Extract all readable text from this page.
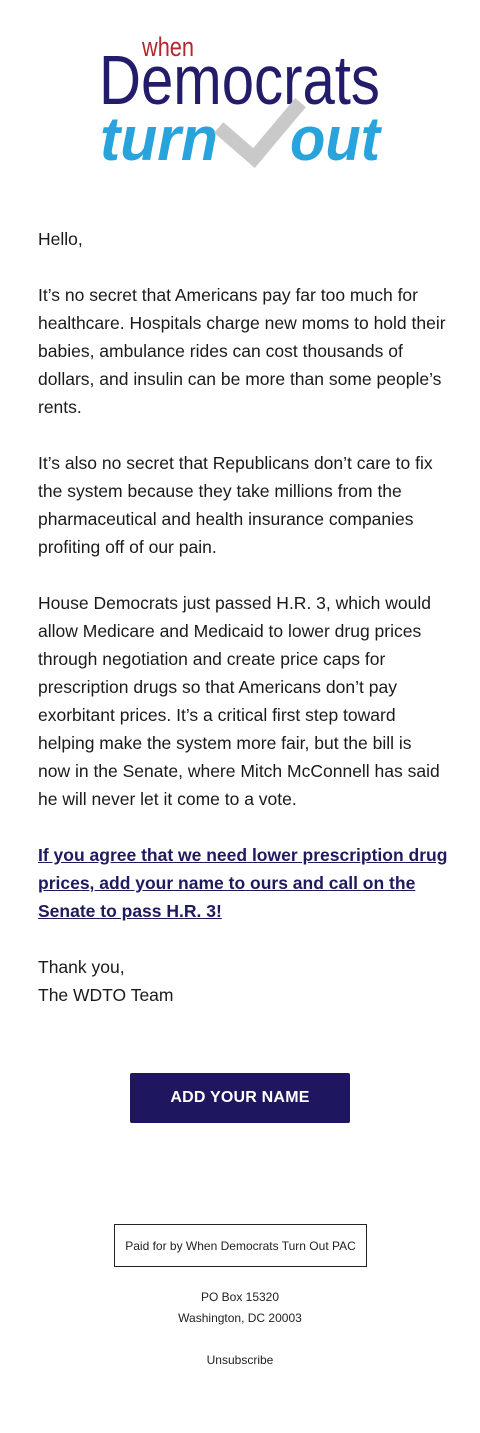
when
Democrats
turn out

Hello,

It’s no secret that Americans pay far too much for healthcare. Hospitals charge new moms to hold their babies, ambulance rides can cost thousands of dollars, and insulin can be more than some people’s rents.

It’s also no secret that Republicans don’t care to fix the system because they take millions from the pharmaceutical and health insurance companies profiting off of our pain.

House Democrats just passed H.R. 3, which would allow Medicare and Medicaid to lower drug prices through negotiation and create price caps for prescription drugs so that Americans don’t pay exorbitant prices. It’s a critical first step toward helping make the system more fair, but the bill is now in the Senate, where Mitch McConnell has said he will never let it come to a vote.

If you agree that we need lower prescription drug prices, add your name to ours and call on the Senate to pass H.R. 3!

Thank you,
The WDTO Team
ADD YOUR NAME
Paid for by When Democrats Turn Out PAC
PO Box 15320
Washington, DC 20003
Unsubscribe
